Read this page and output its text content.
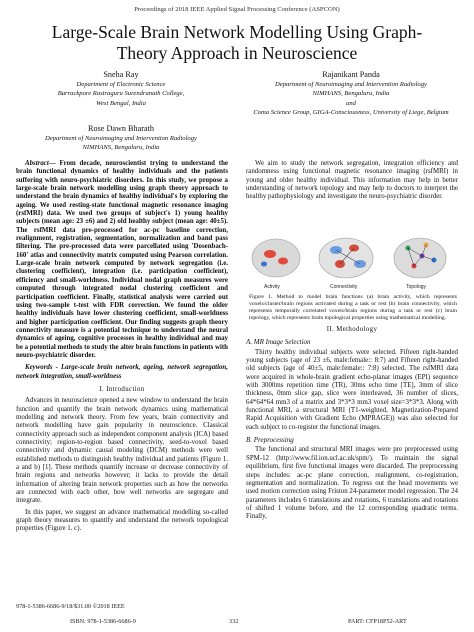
Proceedings of 2018 IEEE Applied Signal Processing Conference (ASPCON)
Large-Scale Brain Network Modelling Using Graph-
Theory Approach in Neuroscience
Sneha Ray
Department of Electronic Science
Barrackpore Rastraguru Surendranath College,
West Bengal, India
Rajanikant Panda
Department of Neuroimaging and Intervention Radiology
NIMHANS, Bengaluru, India
and
Coma Science Group, GIGA-Consciousness, University of Liege, Belgium
Rose Dawn Bharath
Department of Neuroimaging and Intervention Radiology
NIMHANS, Bengaluru, India

Abstract— From decade, neuroscientist trying to understand the brain functional dynamics of healthy individuals and the patients suffering with neuro-psychiatric disorders. In this study, we propose a large-scale brain network modelling using graph theory approach to understand the brain dynamics of healthy individual's by exploring the ageing. We used resting-state functional magnetic resonance imaging (rsfMRI) data. We used two groups of subject's 1) young healthy subjects (mean age: 23 ±6) and 2) old healthy subject (mean age: 40±5). The rsfMRI data pre-processed for ac-pc baseline correction, realignment, registration, segmentation, normalization and band pass filtering. The pre-processed data were parcellated using 'Dosenbach-160' atlas and connectivity matrix computed using Pearson correlation. Large-scale brain network computed by network segregation (i.e. clustering coefficient), integration (i.e. participation coefficient), efficiency and small-worldness. Individual nodal graph measures were computed through integrated nodal clustering coefficient and participation coefficient. Finally, statistical analysis were carried out using two-sample t-test with FDR correction. We found the older healthy individuals have lower clustering coefficient, small-worldness and higher participation coefficient. Our finding suggests graph theory connectivity measure is a potential technique to understand the neural dynamics of ageing, cognitive processes in healthy individual and may be a potential methods to study the alter brain functions in patients with neuro-psychiatric disorder.

Keywords - Large-scale brain network, ageing, network segregation, network integration, small-worldness

I. Introduction

Advances in neuroscience opened a new window to understand the brain function and quantify the brain network dynamics using mathematical modelling and network theory. From few years, brain connectivity and network modelling have gain popularity in neuroscience. Classical connectivity approach such as independent component analysis (ICA) based connectivity; region-to-region based connectivity, seed-to-voxel based connectivity and dynamic causal modeling (DCM) methods were well established methods to distinguish healthy individual and patients (Figure 1. a and b) [1]. These methods quantify increase or decrease connectivity of brain regions and networks however; it lacks to provide the detail information of altering brain network properties such as how the networks are connected with each other, how well networks are segregate and integrate.

In this paper, we suggest an advance mathematical modelling so-called graph theory measures to quantify and understand the network topological properties (Figure 1. c).

We aim to study the network segregation, integration efficiency and randomness using functional magnetic resonance imaging (rsfMRI) in young and older healthy individual. This information may help in better understanding of network topology and may help to doctors to interpret the healthy pathophysiology and investigate the neuro-psychiatric disorder.

Activity	Connectivity	Topology
Figure 1. Method to model brain functions (a) brain activity, which represents voxels/cluster/brain regions activated during a task or rest (b) brain connectivity, which represents temporally correlated voxels/brain regions during a task or rest (c) brain topology, which represents brain topological properties using mathematical modelling.
II. Methodology
A. MR Image Selection

Thirty healthy individual subjects were selected. Fifteen right-handed young subjects (age of 23 ±6, male:female:: 8:7) and Fifteen right-handed old subjects (age of 40±5, male:female:: 7:8) selected. The rsfMRI data were acquired in whole-brain gradient echo-planar images (EPI) sequence with 3000ms repetition time (TR), 30ms echo time [TE], 3mm of slice thickness, 0mm slice gap, slice were interleaved, 36 number of slices, 64*64*64 mm3 of a matrix and 3*3*3 mm3 voxel size=3*3*3. Along with functional MRI, a structural MRI (T1-weighted, Magnetization-Prepared Rapid Acquisition with Gradient Echo (MPRAGE)) was also selected for each subject to co-register the functional images.

B. Preprocessing

The functional and structural MRI images were pre preprocessed using SPM-12 (http://www.fil.ion.ucl.ac.uk/spm/). To maintain the signal equilibrium, first five functional images were discarded. The preprocessing steps includes: ac-pc plane correction, realignment, co-registration, segmentation and normalization. To regress out the head movements we used motion correction using Friston 24-parameter model regression. The 24 parameters includes 6 translations and rotations, 6 translations and rotations of shifted 1 volume before, and the 12 corresponding quadratic terms. Finally,

978-1-5386-6686-9/18/$31.00 ©2018 IEEE
ISBN: 978-1-5386-6686-9	332	PART: CFP18P52-ART
